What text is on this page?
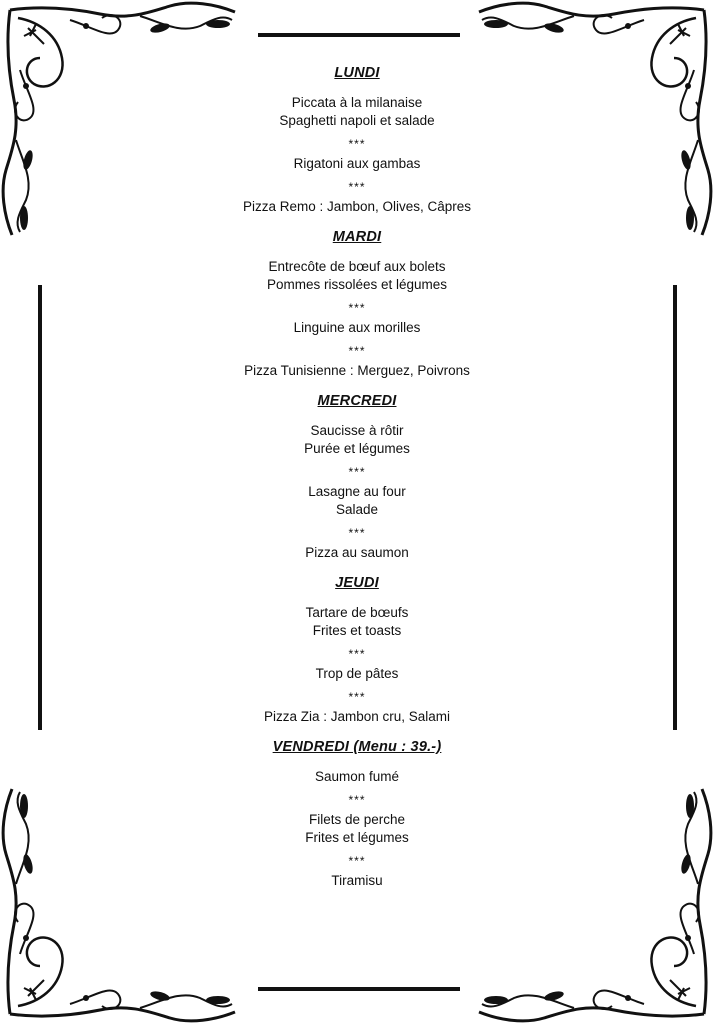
LUNDI
Piccata à la milanaise
Spaghetti napoli et salade
***
Rigatoni aux gambas
***
Pizza Remo : Jambon, Olives, Câpres
MARDI
Entrecôte de bœuf aux bolets
Pommes rissolées et légumes
***
Linguine aux morilles
***
Pizza Tunisienne : Merguez, Poivrons
MERCREDI
Saucisse à rôtir
Purée et légumes
***
Lasagne au four
Salade
***
Pizza au saumon
JEUDI
Tartare de bœufs
Frites et toasts
***
Trop de pâtes
***
Pizza Zia : Jambon cru, Salami
VENDREDI (Menu : 39.-)
Saumon fumé
***
Filets de perche
Frites et légumes
***
Tiramisu
